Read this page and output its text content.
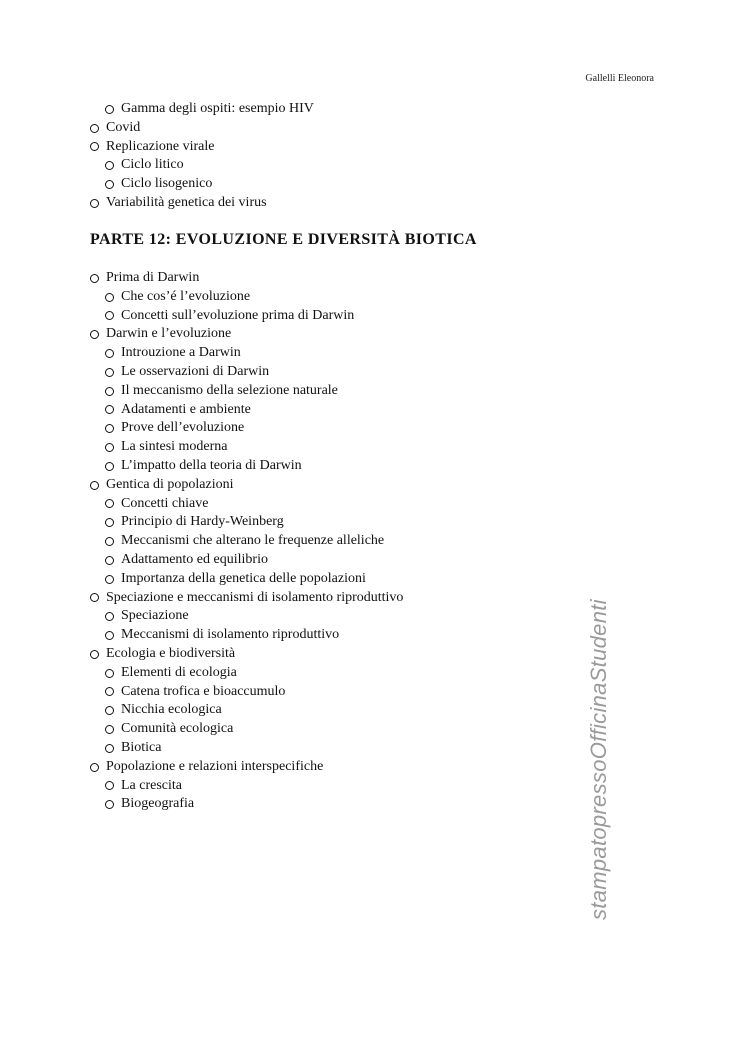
Gallelli Eleonora
Gamma degli ospiti: esempio HIV
Covid
Replicazione virale
Ciclo litico
Ciclo lisogenico
Variabilità genetica dei virus
PARTE 12: EVOLUZIONE E DIVERSITÀ BIOTICA
Prima di Darwin
Che cos’é l’evoluzione
Concetti sull’evoluzione prima di Darwin
Darwin e l’evoluzione
Introuzione a Darwin
Le osservazioni di Darwin
Il meccanismo della selezione naturale
Adatamenti e ambiente
Prove dell’evoluzione
La sintesi moderna
L’impatto della teoria di Darwin
Gentica di popolazioni
Concetti chiave
Principio di Hardy-Weinberg
Meccanismi che alterano le frequenze alleliche
Adattamento ed equilibrio
Importanza della genetica delle popolazioni
Speciazione e meccanismi di isolamento riproduttivo
Speciazione
Meccanismi di isolamento riproduttivo
Ecologia e biodiversità
Elementi di ecologia
Catena trofica e bioaccumulo
Nicchia ecologica
Comunità ecologica
Biotica
Popolazione e relazioni interspecifiche
La crescita
Biogeografia	stampatopressoOfficinaStudenti
